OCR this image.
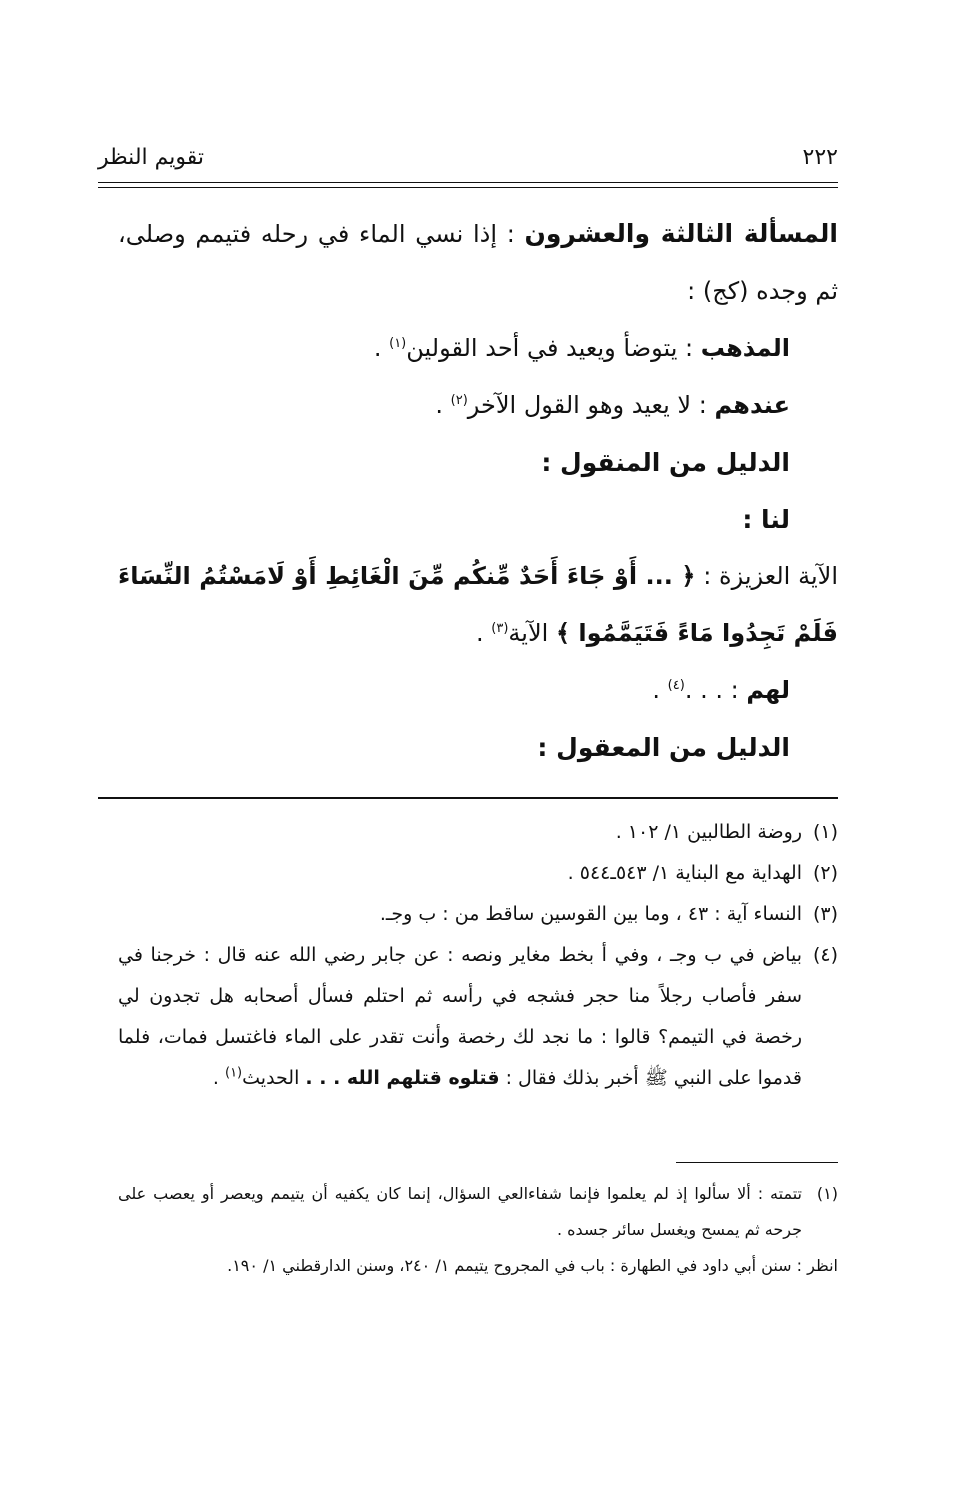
٢٢٢
تقويم النظر

المسألة الثالثة والعشرون : إذا نسي الماء في رحله فتيمم وصلى، ثم وجده (كج) :

المذهب : يتوضأ ويعيد في أحد القولين$^{(١)}$ .

عندهم : لا يعيد وهو القول الآخر$^{(٢)}$ .

الدليل من المنقول :

لنا :

الآية العزيزة : ﴿ ... أَوْ جَاءَ أَحَدٌ مِّنكُم مِّنَ الْغَائِطِ أَوْ لَامَسْتُمُ النِّسَاءَ فَلَمْ تَجِدُوا مَاءً فَتَيَمَّمُوا ﴾ الآية$^{(٣)}$ .

لهم : . . .$^{(٤)}$ .

الدليل من المعقول :

(١)
روضة الطالبين ١/ ١٠٢ .
(٢)
الهداية مع البناية ١/ ٥٤٣ـ٥٤٤ .
(٣)
النساء آية : ٤٣ ، وما بين القوسين ساقط من : ب وجـ.
(٤)
بياض في ب وجـ ، وفي أ بخط مغاير ونصه : عن جابر رضي الله عنه قال : خرجنا في سفر فأصاب رجلاً منا حجر فشجه في رأسه ثم احتلم فسأل أصحابه هل تجدون لي رخصة في التيمم؟ قالوا : ما نجد لك رخصة وأنت تقدر على الماء فاغتسل فمات، فلما قدموا على النبي ﷺ أخبر بذلك فقال : قتلوه قتلهم الله . . . الحديث$^{(١)}$ .
(١)
تتمته : ألا سألوا إذ لم يعلموا فإنما شفاءالعي السؤال، إنما كان يكفيه أن يتيمم ويعصر أو يعصب على جرحه ثم يمسح ويغسل سائر جسده .

انظر : سنن أبي داود في الطهارة : باب في المجروح يتيمم ١/ ٢٤٠، وسنن الدارقطني ١/ ١٩٠.
